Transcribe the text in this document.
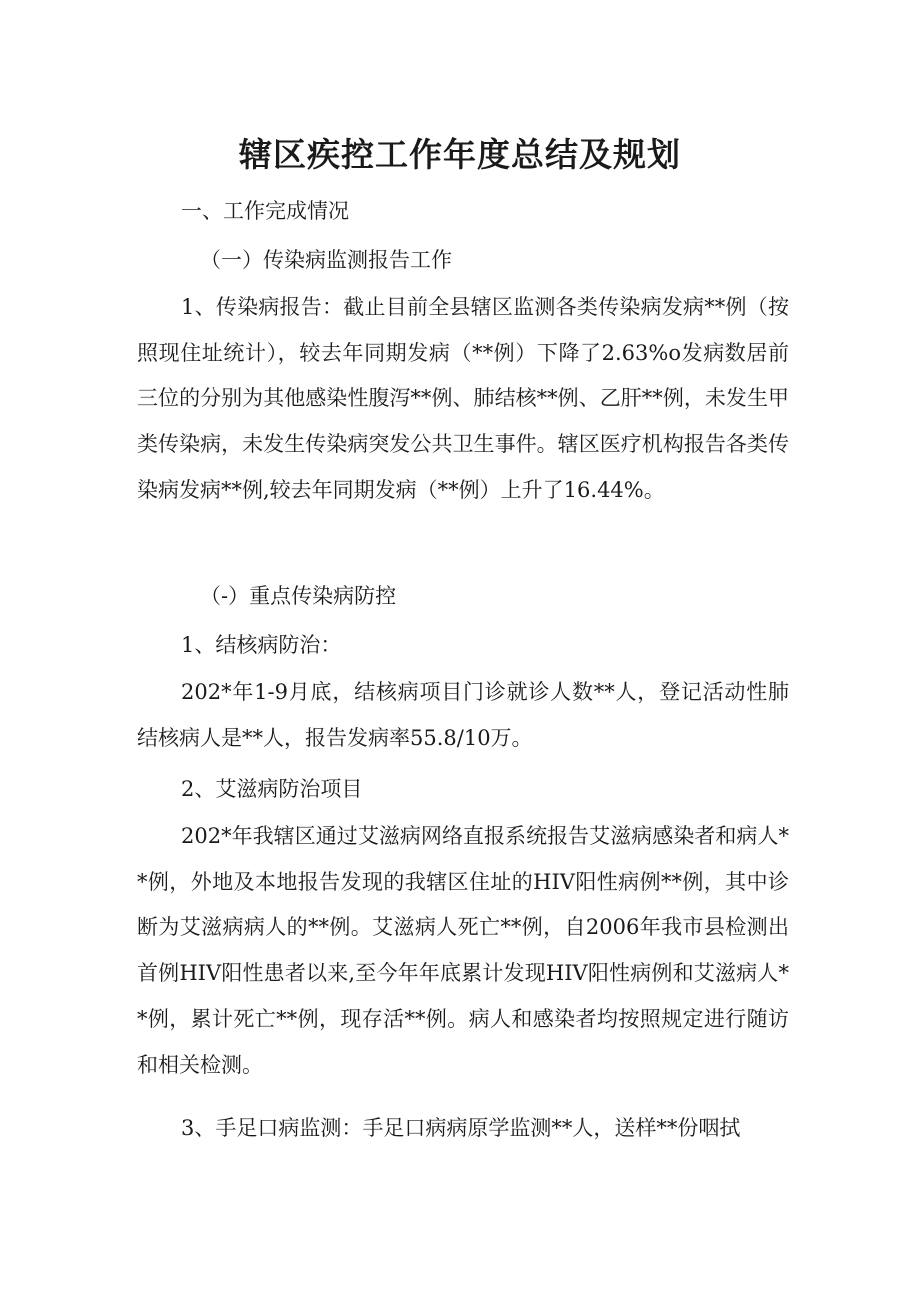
辖区疾控工作年度总结及规划

一、工作完成情况

（一）传染病监测报告工作

1、传染病报告：截止目前全县辖区监测各类传染病发病**例（按照现住址统计），较去年同期发病（**例）下降了2.63%o发病数居前三位的分别为其他感染性腹泻**例、肺结核**例、乙肝**例，未发生甲类传染病，未发生传染病突发公共卫生事件。辖区医疗机构报告各类传染病发病**例,较去年同期发病（**例）上升了16.44%。

（-）重点传染病防控

1、结核病防治：

202*年1-9月底，结核病项目门诊就诊人数**人，登记活动性肺结核病人是**人，报告发病率55.8/10万。

2、艾滋病防治项目

202*年我辖区通过艾滋病网络直报系统报告艾滋病感染者和病人**例，外地及本地报告发现的我辖区住址的HIV阳性病例**例，其中诊断为艾滋病病人的**例。艾滋病人死亡**例，自2006年我市县检测出首例HIV阳性患者以来,至今年年底累计发现HIV阳性病例和艾滋病人**例，累计死亡**例，现存活**例。病人和感染者均按照规定进行随访和相关检测。

3、手足口病监测：手足口病病原学监测**人，送样**份咽拭
